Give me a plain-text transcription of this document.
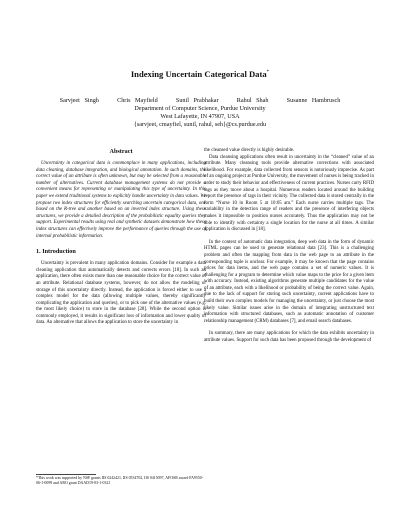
Indexing Uncertain Categorical Data*
Sarvjeet Singh    Chris Mayfield    Sunil Prabhakar    Rahul Shah    Susanne Hambrusch
Department of Computer Science, Purdue University
West Lafayette, IN 47907, USA
{sarvjeet, cmayfiel, sunil, rahul, seh}@cs.purdue.edu
Abstract

Uncertainty in categorical data is commonplace in many applications, including data cleaning, database integration, and biological annotation. In such domains, the correct value of an attribute is often unknown, but may be selected from a reasonable number of alternatives. Current database management systems do not provide a convenient means for representing or manipulating this type of uncertainty. In this paper we extend traditional systems to explicitly handle uncertainty in data values. We propose two index structures for efficiently searching uncertain categorical data, one based on the R-tree and another based on an inverted index structure. Using these structures, we provide a detailed description of the probabilistic equality queries they support. Experimental results using real and synthetic datasets demonstrate how these index structures can effectively improve the performance of queries through the use of internal probabilistic information.

1. Introduction

Uncertainty is prevalent in many application domains. Consider for example a data cleaning application that automatically detects and corrects errors [18]. In such an application, there often exists more than one reasonable choice for the correct value of an attribute. Relational database systems, however, do not allow the modeling or storage of this uncertainty directly. Instead, the application is forced either to use a complex model for the data (allowing multiple values, thereby significantly complicating the application and queries), or to pick one of the alternative values (e.g. the most likely choice) to store in the database [28]. While the second option is commonly employed, it results in significant loss of information and lower quality of data. An alternative that allows the application to store the uncertainty in

the cleansed value directly is highly desirable.

Data cleansing applications often result in uncertainty in the “cleaned” value of an attribute. Many cleansing tools provide alternative corrections with associated likelihood. For example, data collected from sensors is notoriously imprecise. As part of an ongoing project at Purdue University, the movement of nurses is being tracked in order to study their behavior and effectiveness of current practices. Nurses carry RFID tags as they move about a hospital. Numerous readers located around the building report the presence of tags in their vicinity. The collected data is stored centrally in the form “Nurse 10 in Room 5 at 10:05 am.” Each nurse carries multiple tags. The variability in the detection range of readers and the presence of interfering objects makes it impossible to position nurses accurately. Thus the application may not be able to identify with certainty a single location for the nurse at all times. A similar application is discussed in [18].

In the context of automatic data integration, deep web data in the form of dynamic HTML pages can be used to generate relational data [23]. This is a challenging problem and often the mapping from data in the web page to an attribute in the corresponding tuple is unclear. For example, it may be known that the page contains prices for data items, and the web page contains a set of numeric values. It is challenging for a program to determine which value maps to the price for a given item with accuracy. Instead, existing algorithms generate multiple candidates for the value of an attribute, each with a likelihood or probability of being the correct value. Again, due to the lack of support for storing such uncertainty, current applications have to build their own complex models for managing the uncertainty, or just choose the most likely value. Similar issues arise in the domain of integrating unstructured text information with structured databases, such as automatic annotation of customer relationship management (CRM) databases [7], and email search databases.

In summary, there are many applications for which the data exhibits uncertainty in attribute values. Support for such data has been proposed through the development of

*This work was supported by NSF grants IIS 0242421, IIS 0534702, IIS 0415097, AFOSR award FA9550-06-1-0099 and ARO grant DAAD19-03-1-0321
